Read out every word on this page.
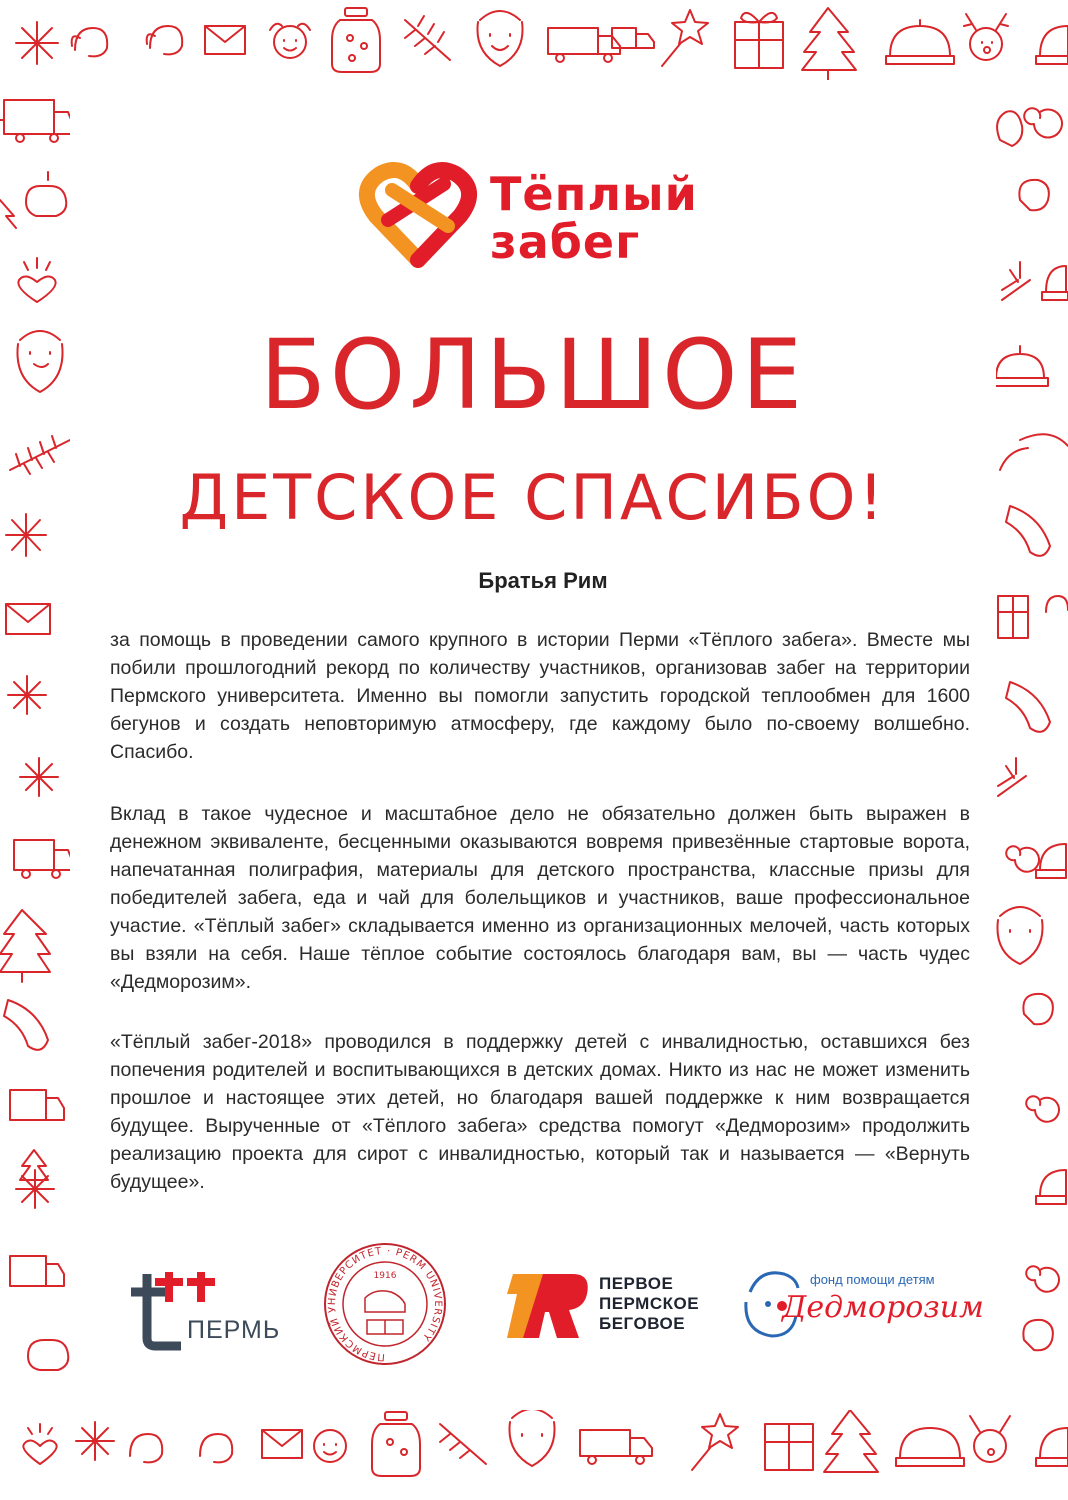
Тёплый
забег
БОЛЬШОЕ
ДЕТСКОЕ СПАСИБО!
Братья Рим

за помощь в проведении самого крупного в истории Перми «Тёплого забега». Вместе мы побили прошлогодний рекорд по количеству участников, организовав забег на территории Пермского университета. Именно вы помогли запустить городской теплообмен для 1600 бегунов и создать неповторимую атмосферу, где каждому было по-своему волшебно. Спасибо.

Вклад в такое чудесное и масштабное дело не обязательно должен быть выражен в денежном эквиваленте, бесценными оказываются вовремя привезённые стартовые ворота, напечатанная полиграфия, материалы для детского пространства, классные призы для победителей забега, еда и чай для болельщиков и участников, ваше профессиональное участие. «Тёплый забег» складывается именно из организационных мелочей, часть которых вы взяли на себя. Наше тёплое событие состоялось благодаря вам, вы — часть чудес «Дедморозим».

«Тёплый забег-2018» проводился в поддержку детей с инвалидностью, оставшихся без попечения родителей и воспитывающихся в детских домах. Никто из нас не может изменить прошлое и настоящее этих детей, но благодаря вашей поддержке к ним возвращается будущее. Вырученные от «Тёплого забега» средства помогут «Дедморозим» продолжить реализацию проекта для сирот с инвалидностью, который так и называется — «Вернуть будущее».

ПЕРМЬ
ПЕРМСКИЙ УНИВЕРСИТЕТ · PERM UNIVERSITY
1916	ПЕРВОЕ
ПЕРМСКОЕ
БЕГОВОЕ
фонд помощи детям
Дедморозим
